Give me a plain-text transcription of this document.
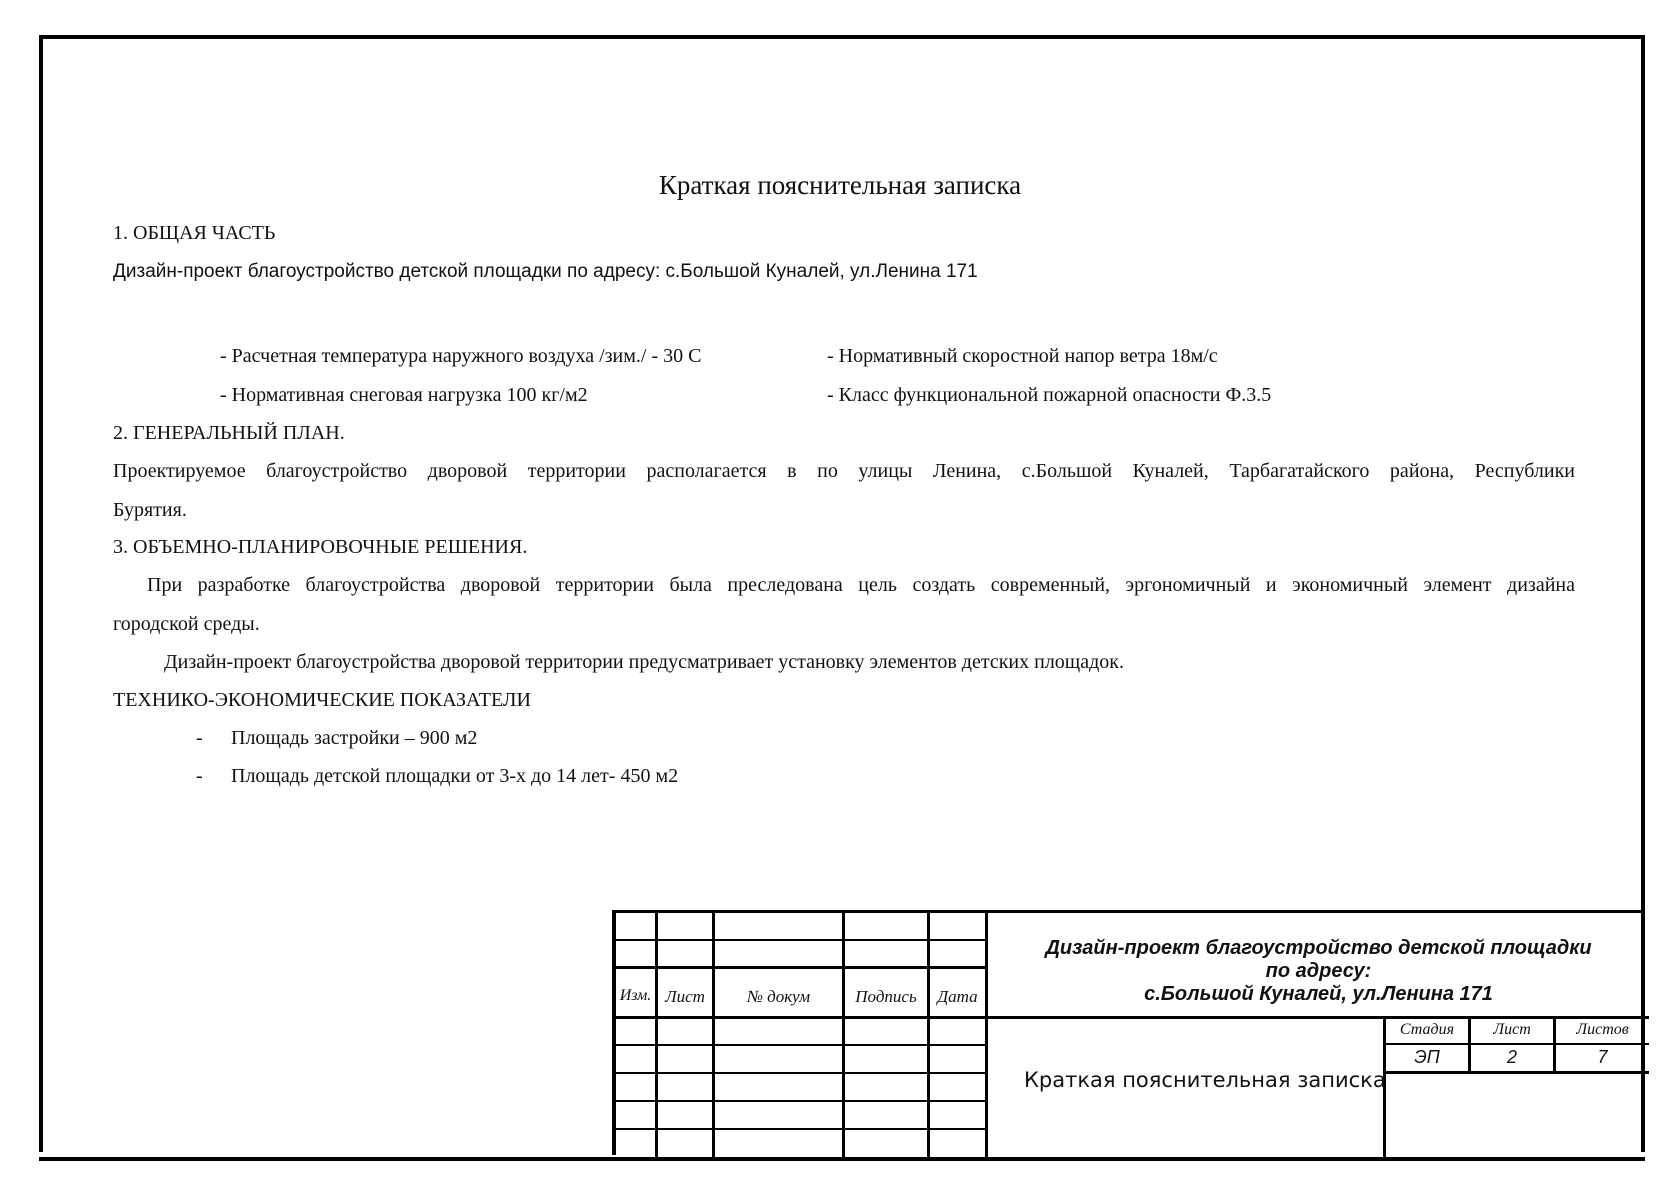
Краткая пояснительная записка
1. ОБЩАЯ ЧАСТЬ
Дизайн-проект благоустройство детской площадки по адресу: с.Большой Куналей, ул.Ленина 171
- Расчетная температура наружного воздуха /зим./ - 30 С	- Нормативный скоростной напор ветра 18м/с
- Нормативная снеговая нагрузка 100 кг/м2	- Класс функциональной пожарной опасности Ф.3.5
2. ГЕНЕРАЛЬНЫЙ ПЛАН.
Проектируемое благоустройство дворовой территории располагается в по улицы Ленина, с.Большой Куналей, Тарбагатайского района, Республики
Бурятия.
3. ОБЪЕМНО-ПЛАНИРОВОЧНЫЕ РЕШЕНИЯ.
При разработке благоустройства дворовой территории была преследована цель создать современный, эргономичный и экономичный элемент дизайна
городской среды.
Дизайн-проект благоустройства дворовой территории предусматривает установку элементов детских площадок.
ТЕХНИКО-ЭКОНОМИЧЕСКИЕ ПОКАЗАТЕЛИ
- Площадь застройки – 900 м2
- Площадь детской площадки от 3-х до 14 лет- 450 м2
Изм. Лист	№ докум	Подпись	Дата
Дизайн-проект благоустройство детской площадки
по адресу:
с.Большой Куналей, ул.Ленина 171
Краткая пояснительная записка
Стадия	Лист	Листов
ЭП	2	7
